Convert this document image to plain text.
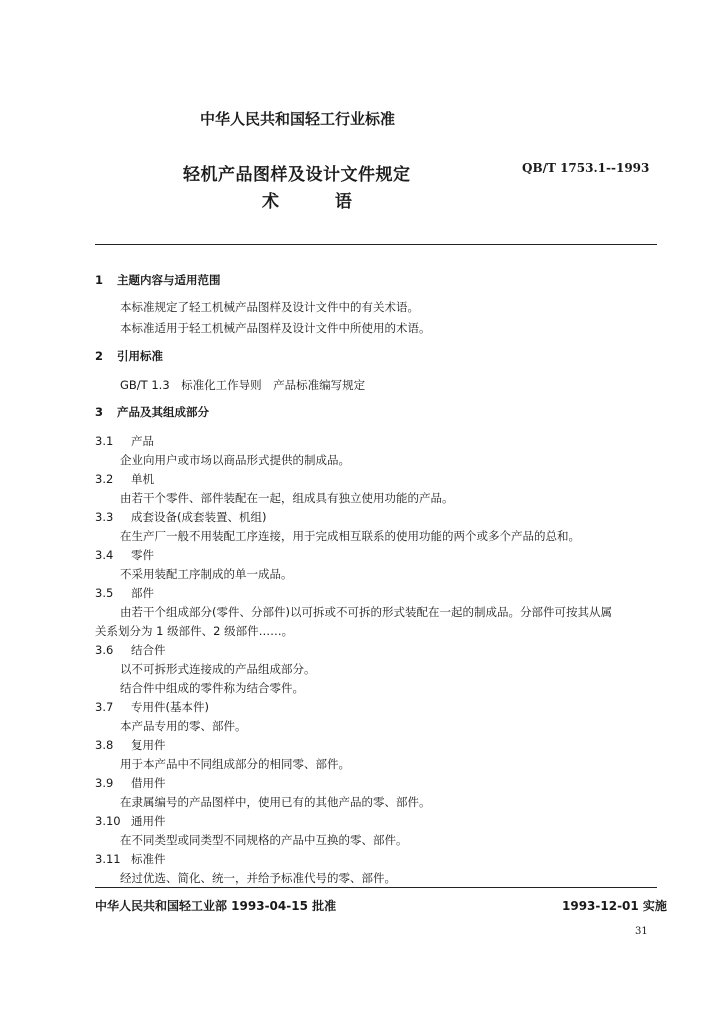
中华人民共和国轻工行业标准
轻机产品图样及设计文件规定
术 语
QB/T 1753.1--1993
1 主题内容与适用范围
本标准规定了轻工机械产品图样及设计文件中的有关术语。
本标准适用于轻工机械产品图样及设计文件中所使用的术语。
2 引用标准
GB/T 1.3　标准化工作导则　产品标准编写规定
3 产品及其组成部分
3.1 产品
企业向用户或市场以商品形式提供的制成品。
3.2 单机
由若干个零件、部件装配在一起，组成具有独立使用功能的产品。
3.3 成套设备(成套装置、机组)
在生产厂一般不用装配工序连接，用于完成相互联系的使用功能的两个或多个产品的总和。
3.4 零件
不采用装配工序制成的单一成品。
3.5 部件
由若干个组成部分(零件、分部件)以可拆或不可拆的形式装配在一起的制成品。分部件可按其从属
关系划分为 1 级部件、2 级部件……。
3.6 结合件
以不可拆形式连接成的产品组成部分。
结合件中组成的零件称为结合零件。
3.7 专用件(基本件)
本产品专用的零、部件。
3.8 复用件
用于本产品中不同组成部分的相同零、部件。
3.9 借用件
在隶属编号的产品图样中，使用已有的其他产品的零、部件。
3.10 通用件
在不同类型或同类型不同规格的产品中互换的零、部件。
3.11 标准件
经过优选、简化、统一，并给予标准代号的零、部件。
中华人民共和国轻工业部 1993-04-15 批准	1993-12-01 实施
31
